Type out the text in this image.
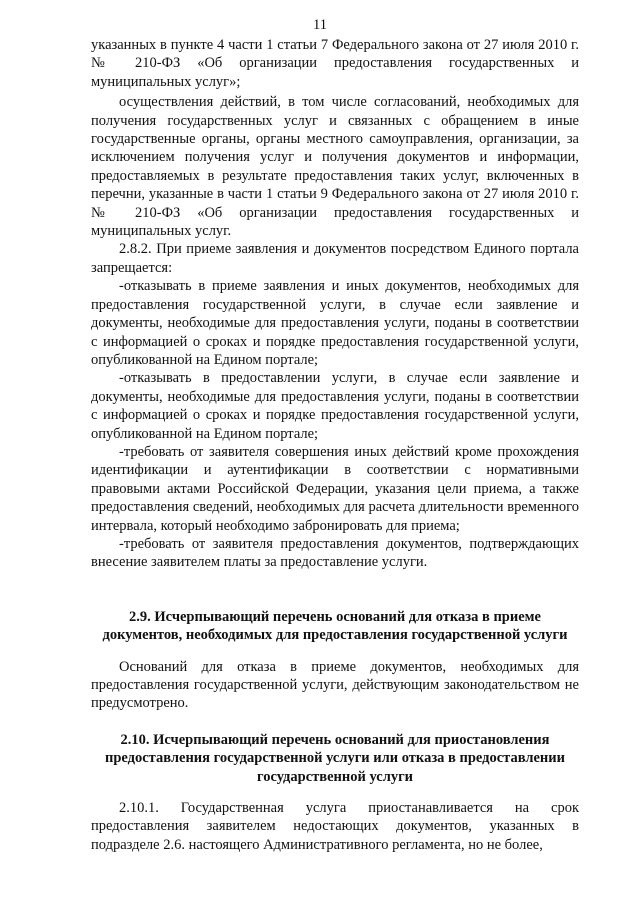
11

указанных в пункте 4 части 1 статьи 7 Федерального закона от 27 июля 2010 г. № 210-ФЗ «Об организации предоставления государственных и муниципальных услуг»;

осуществления действий, в том числе согласований, необходимых для получения государственных услуг и связанных с обращением в иные государственные органы, органы местного самоуправления, организации, за исключением получения услуг и получения документов и информации, предоставляемых в результате предоставления таких услуг, включенных в перечни, указанные в части 1 статьи 9 Федерального закона от 27 июля 2010 г. № 210-ФЗ «Об организации предоставления государственных и муниципальных услуг.

2.8.2. При приеме заявления и документов посредством Единого портала запрещается:

-отказывать в приеме заявления и иных документов, необходимых для предоставления государственной услуги, в случае если заявление и документы, необходимые для предоставления услуги, поданы в соответствии с информацией о сроках и порядке предоставления государственной услуги, опубликованной на Едином портале;

-отказывать в предоставлении услуги, в случае если заявление и документы, необходимые для предоставления услуги, поданы в соответствии с информацией о сроках и порядке предоставления государственной услуги, опубликованной на Едином портале;

-требовать от заявителя совершения иных действий кроме прохождения идентификации и аутентификации в соответствии с нормативными правовыми актами Российской Федерации, указания цели приема, а также предоставления сведений, необходимых для расчета длительности временного интервала, который необходимо забронировать для приема;

-требовать от заявителя предоставления документов, подтверждающих внесение заявителем платы за предоставление услуги.

2.9. Исчерпывающий перечень оснований для отказа в приеме документов, необходимых для предоставления государственной услуги

Оснований для отказа в приеме документов, необходимых для предоставления государственной услуги, действующим законодательством не предусмотрено.

2.10. Исчерпывающий перечень оснований для приостановления предоставления государственной услуги или отказа в предоставлении государственной услуги

2.10.1. Государственная услуга приостанавливается на срок предоставления заявителем недостающих документов, указанных в подразделе 2.6. настоящего Административного регламента, но не более,
